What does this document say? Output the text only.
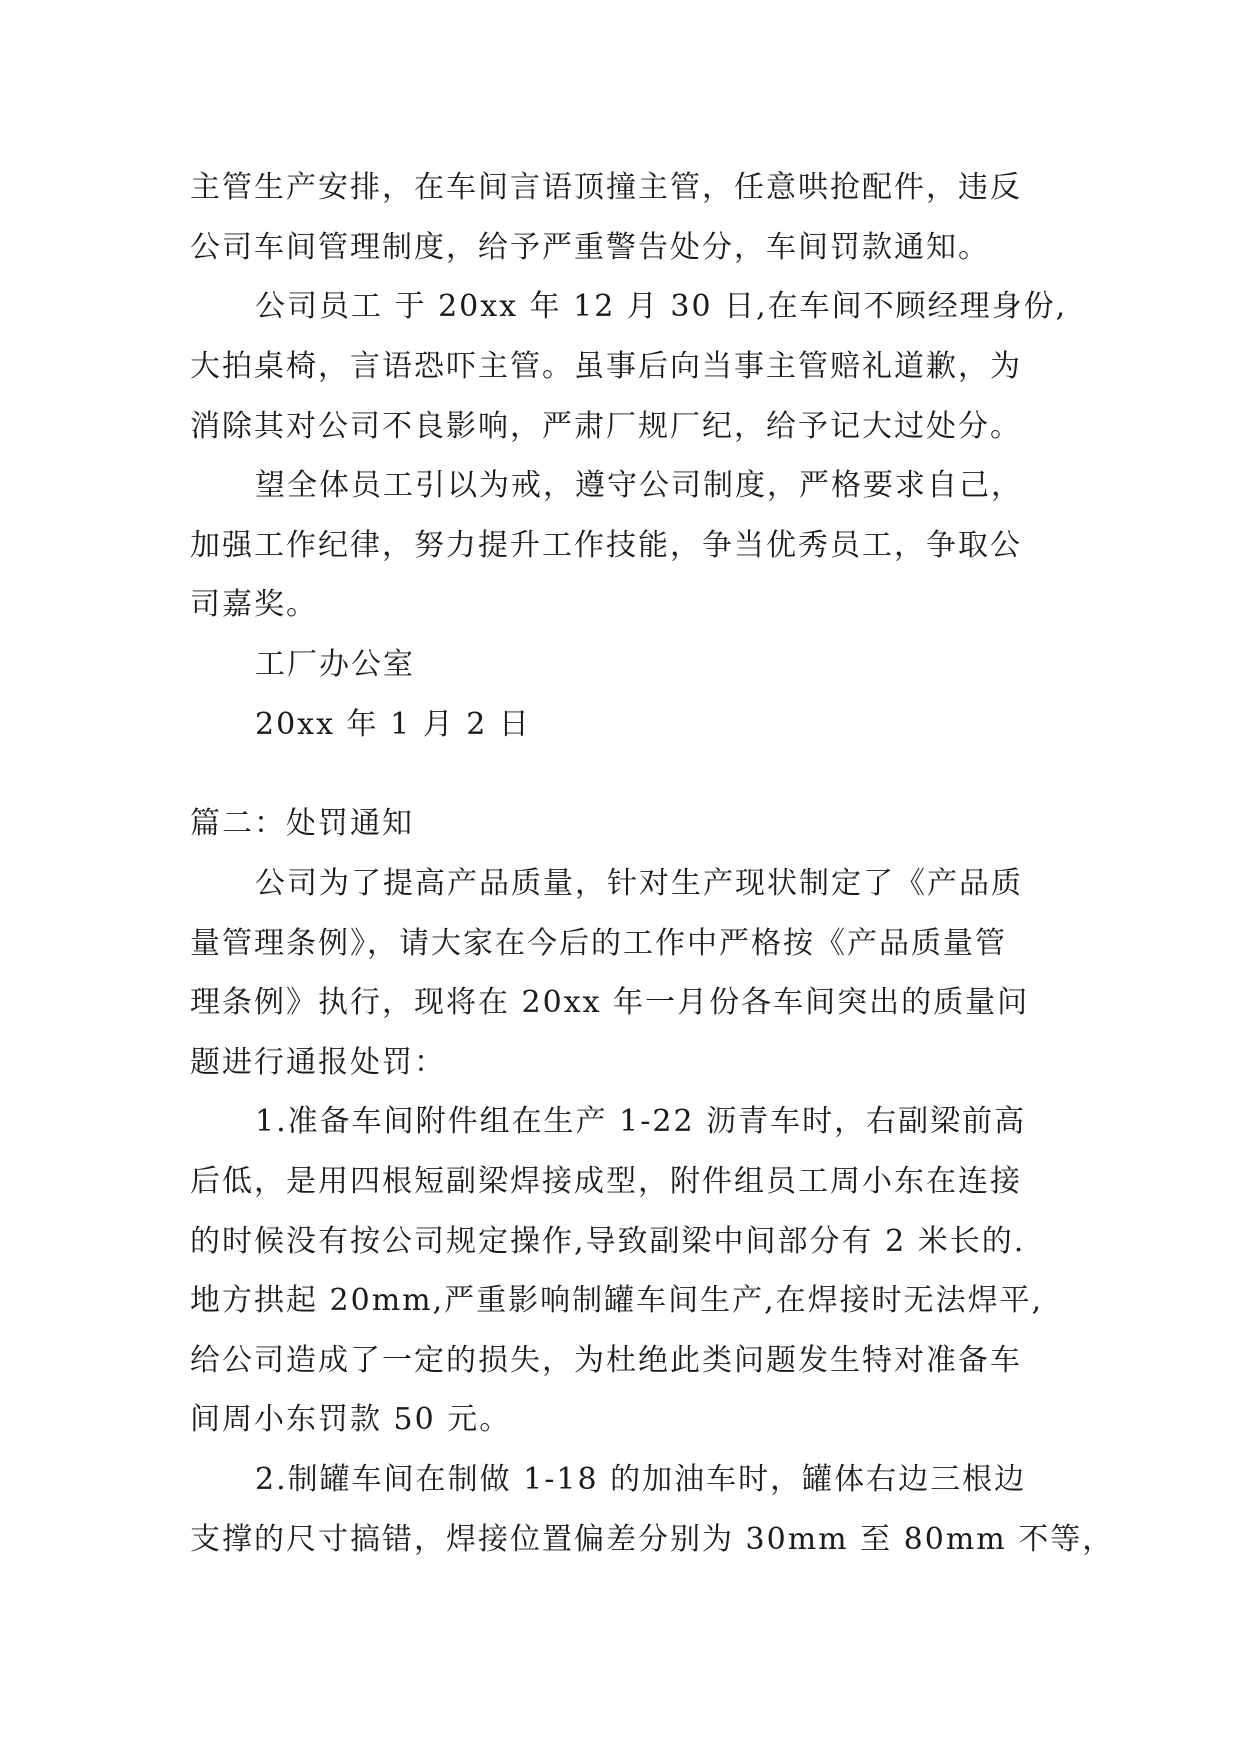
主管生产安排，在车间言语顶撞主管，任意哄抢配件，违反
公司车间管理制度，给予严重警告处分，车间罚款通知。
公司员工 于 20xx 年 12 月 30 日,在车间不顾经理身份,
大拍桌椅，言语恐吓主管。虽事后向当事主管赔礼道歉，为
消除其对公司不良影响，严肃厂规厂纪，给予记大过处分。
望全体员工引以为戒，遵守公司制度，严格要求自己，
加强工作纪律，努力提升工作技能，争当优秀员工，争取公
司嘉奖。
工厂办公室
20xx 年 1 月 2 日
篇二：处罚通知
公司为了提高产品质量，针对生产现状制定了《产品质
量管理条例》，请大家在今后的工作中严格按《产品质量管
理条例》执行，现将在 20xx 年一月份各车间突出的质量问
题进行通报处罚：
1.准备车间附件组在生产 1-22 沥青车时，右副梁前高
后低，是用四根短副梁焊接成型，附件组员工周小东在连接
的时候没有按公司规定操作,导致副梁中间部分有 2 米长的.
地方拱起 20mm,严重影响制罐车间生产,在焊接时无法焊平,
给公司造成了一定的损失，为杜绝此类问题发生特对准备车
间周小东罚款 50 元。
2.制罐车间在制做 1-18 的加油车时，罐体右边三根边
支撑的尺寸搞错，焊接位置偏差分别为 30mm 至 80mm 不等，
